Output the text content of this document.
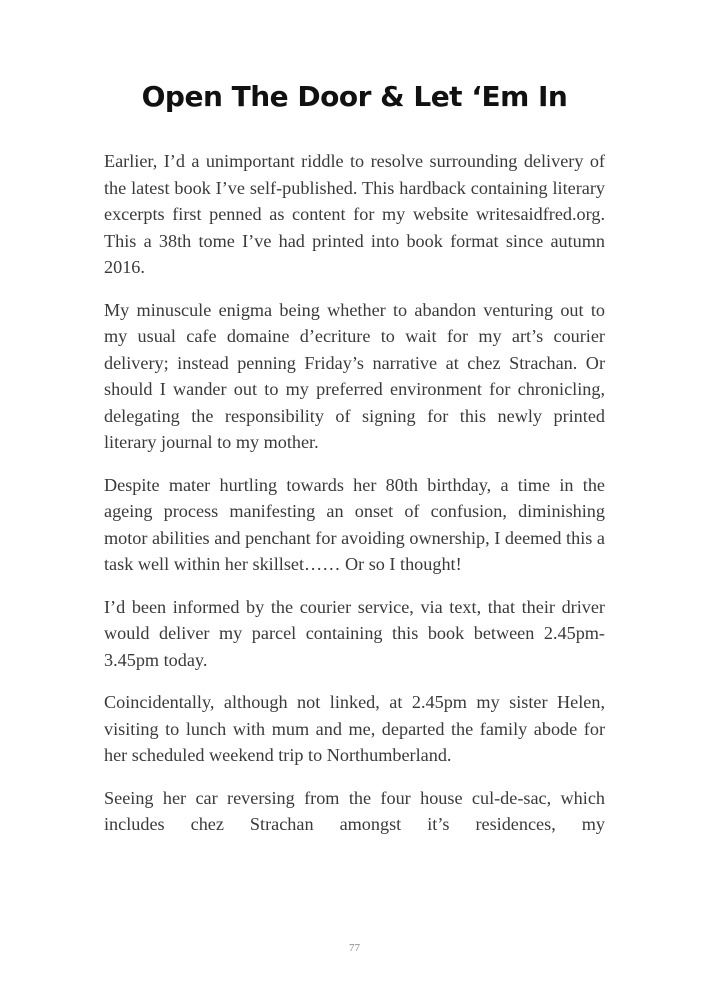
Open The Door & Let ‘Em In

Earlier, I’d a unimportant riddle to resolve surrounding delivery of the latest book I’ve self-published. This hardback containing literary excerpts first penned as content for my website writesaidfred.org. This a 38th tome I’ve had printed into book format since autumn 2016.

My minuscule enigma being whether to abandon venturing out to my usual cafe domaine d’ecriture to wait for my art’s courier delivery; instead penning Friday’s narrative at chez Strachan. Or should I wander out to my preferred environment for chronicling, delegating the responsibility of signing for this newly printed literary journal to my mother.

Despite mater hurtling towards her 80th birthday, a time in the ageing process manifesting an onset of confusion, diminishing motor abilities and penchant for avoiding ownership, I deemed this a task well within her skillset…… Or so I thought!

I’d been informed by the courier service, via text, that their driver would deliver my parcel containing this book between 2.45pm-3.45pm today.

Coincidentally, although not linked, at 2.45pm my sister Helen, visiting to lunch with mum and me, departed the family abode for her scheduled weekend trip to Northumberland.

Seeing her car reversing from the four house cul-de-sac, which includes chez Strachan amongst it’s residences, my

77
